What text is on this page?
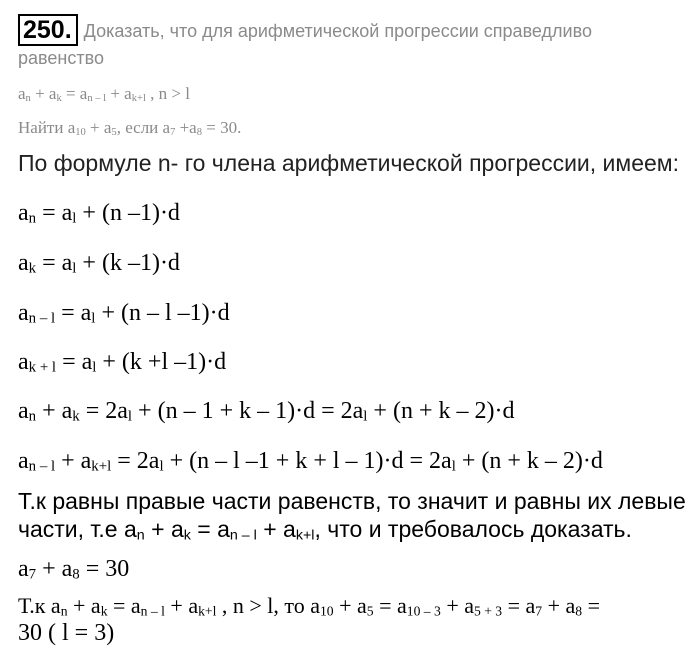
250. Доказать, что для арифметической прогрессии справедливо
равенство
$a_n + a_k = a_{n - l} + a_{k+l}$ , n > l
Найти $a_{10} + a_5$, если $a_7 +a_8 = 30$.
По формуле n- го члена арифметической прогрессии, имеем:
$a_n = a_l + (n$ –1)·d
$a_k = a_l + (k$ –1)·d
$a_{n - l} = a_l + (n - l$ –1)·d
$a_{k + l} = a_l + (k +l$ –1)·d
$a_n + a_k = 2a_l + (n - 1 + k - 1)\cdot d = 2a_l + (n + k - 2)\cdot d$
$a_{n - l} + a_{k+l} = 2a_l + (n - l$ $-1 + k + l - 1)\cdot d = 2a_l + (n + k - 2)\cdot d$
Т.к равны правые части равенств, то значит и равны их левые
части, т.е $a_n + a_k = a_{n - l} + a_{k+l}$, что и требовалось доказать.
$a_7 + a_8 = 30$
Т.к $a_n + a_k = a_{n - l} + a_{k+l}$ , n > l, то $a_{10} + a_5 = a_{10 - 3} + a_{5 + 3} = a_7 + a_8$ =
30 ( l = 3)
